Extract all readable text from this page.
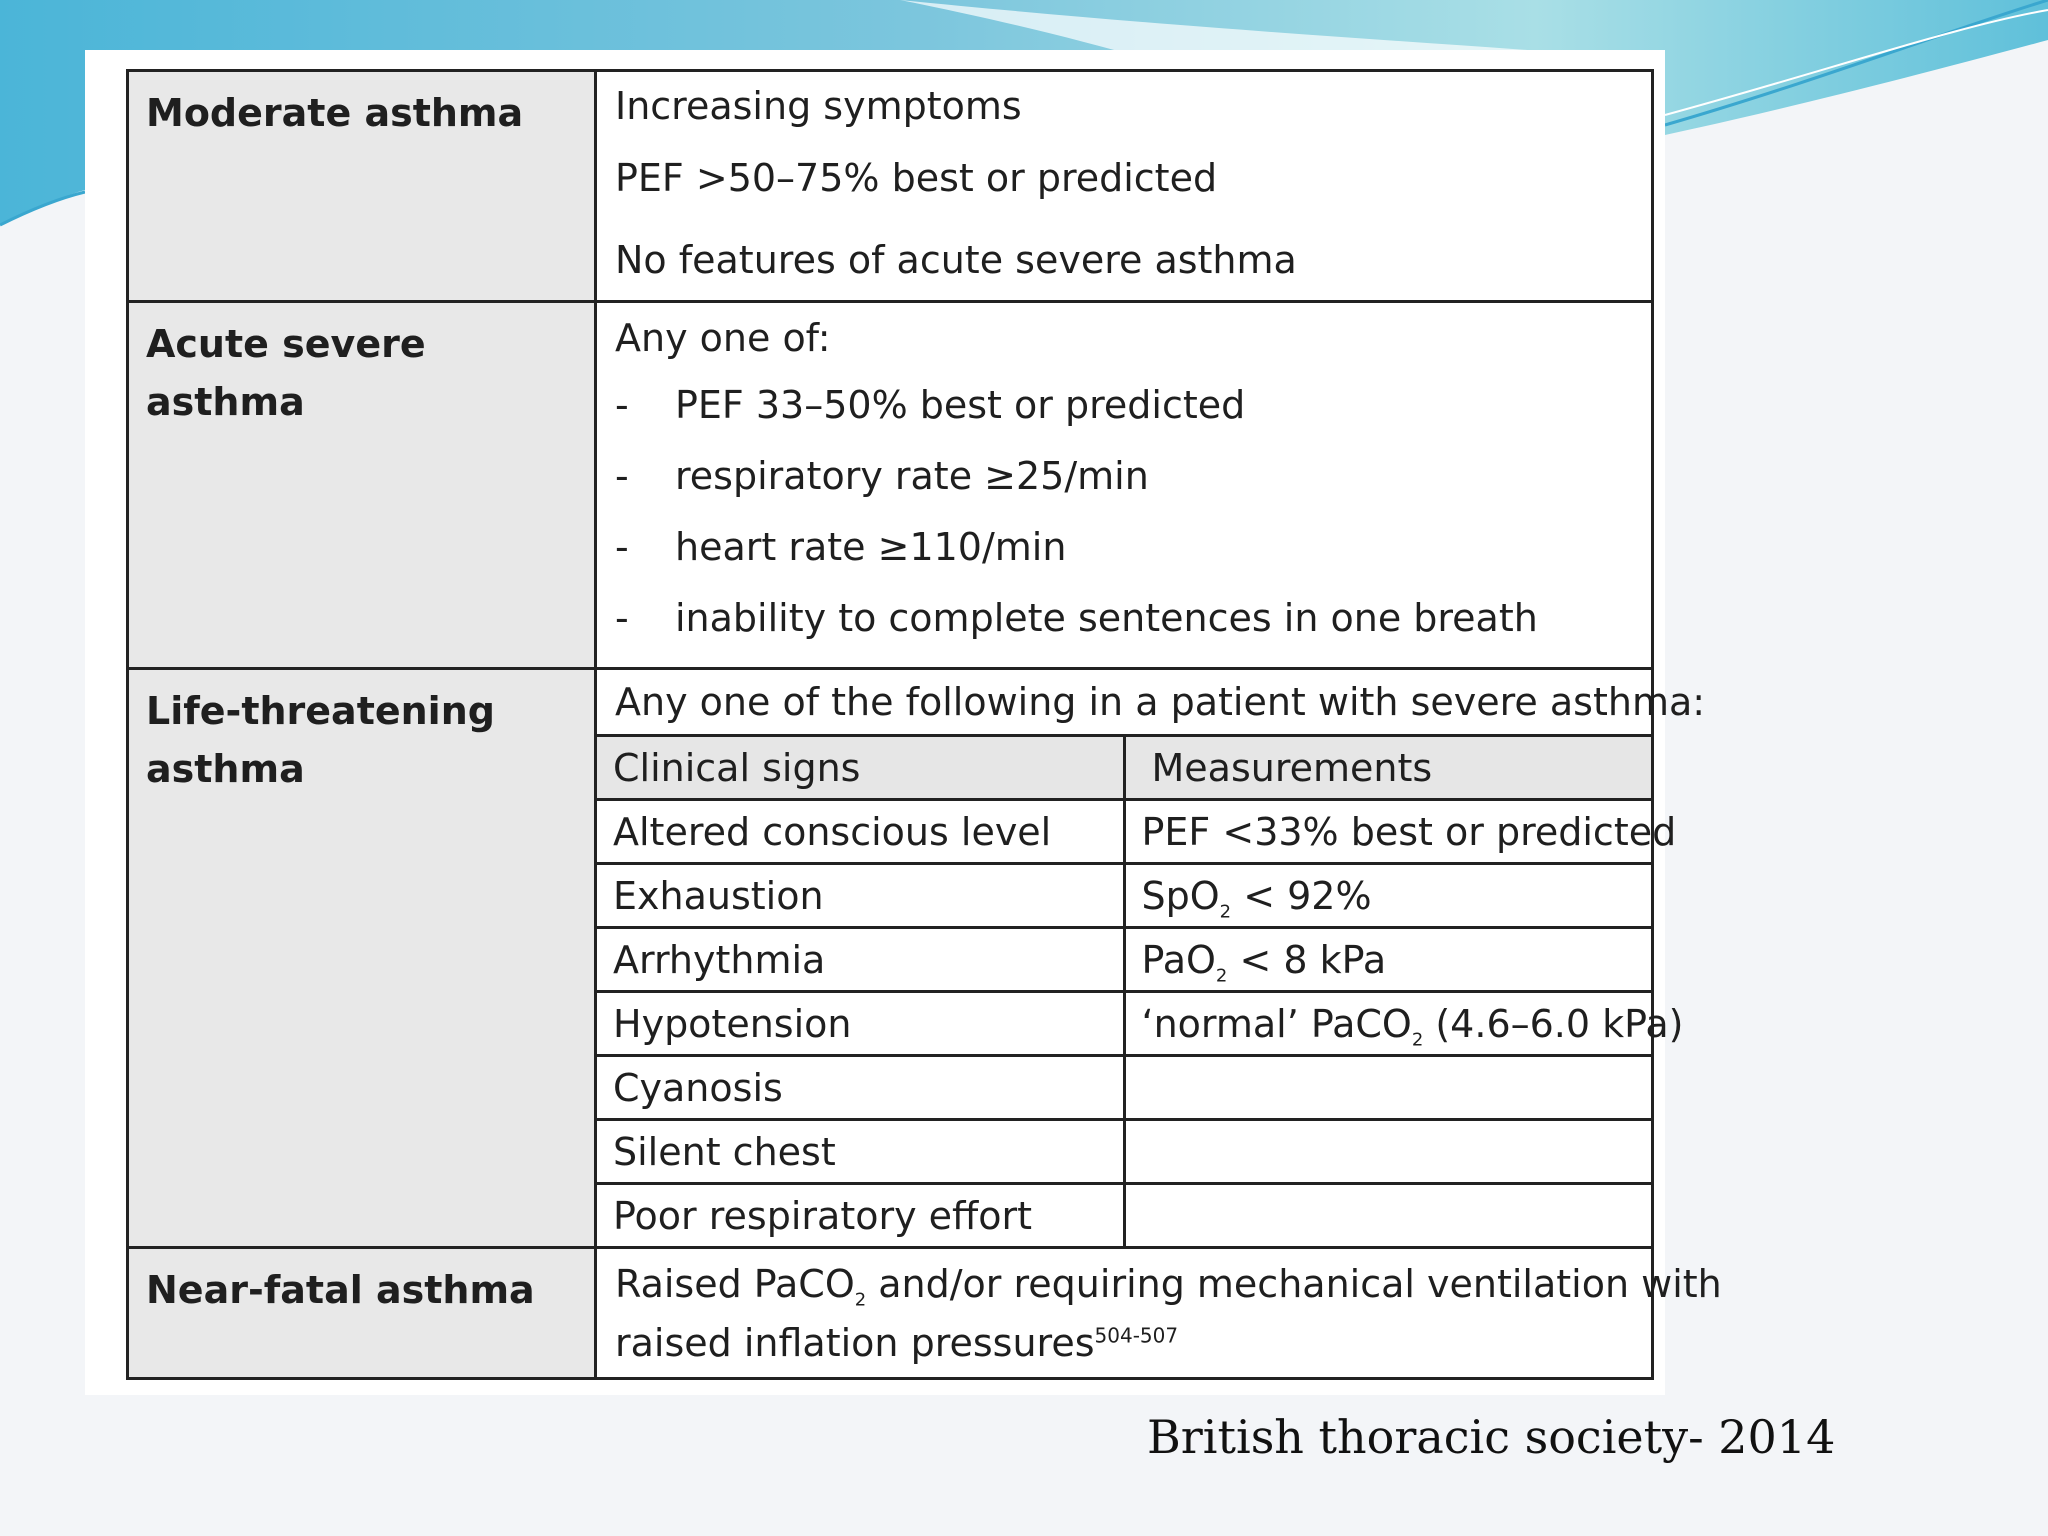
Moderate asthma	Increasing symptoms
PEF >50–75% best or predicted
No features of acute severe asthma

Acute severe asthma	
Any one of:
-	PEF 33–50% best or predicted
-	respiratory rate ≥25/min
-	heart rate ≥110/min
-	inability to complete sentences in one breath

Life-threatening
asthma

Any one of the following in a patient with severe asthma:
Clinical signs	Measurements
Altered conscious level	PEF <33% best or predicted
Exhaustion	SpO$_2$ < 92%
Arrhythmia	PaO$_2$ < 8 kPa
Hypotension	‘normal’ PaCO$_2$ (4.6–6.0 kPa)
Cyanosis	
Silent chest	
Poor respiratory effort	

Near-fatal asthma	Raised PaCO$_2$ and/or requiring mechanical ventilation with
raised inflation pressures$^{504-507}$
British thoracic society- 2014
